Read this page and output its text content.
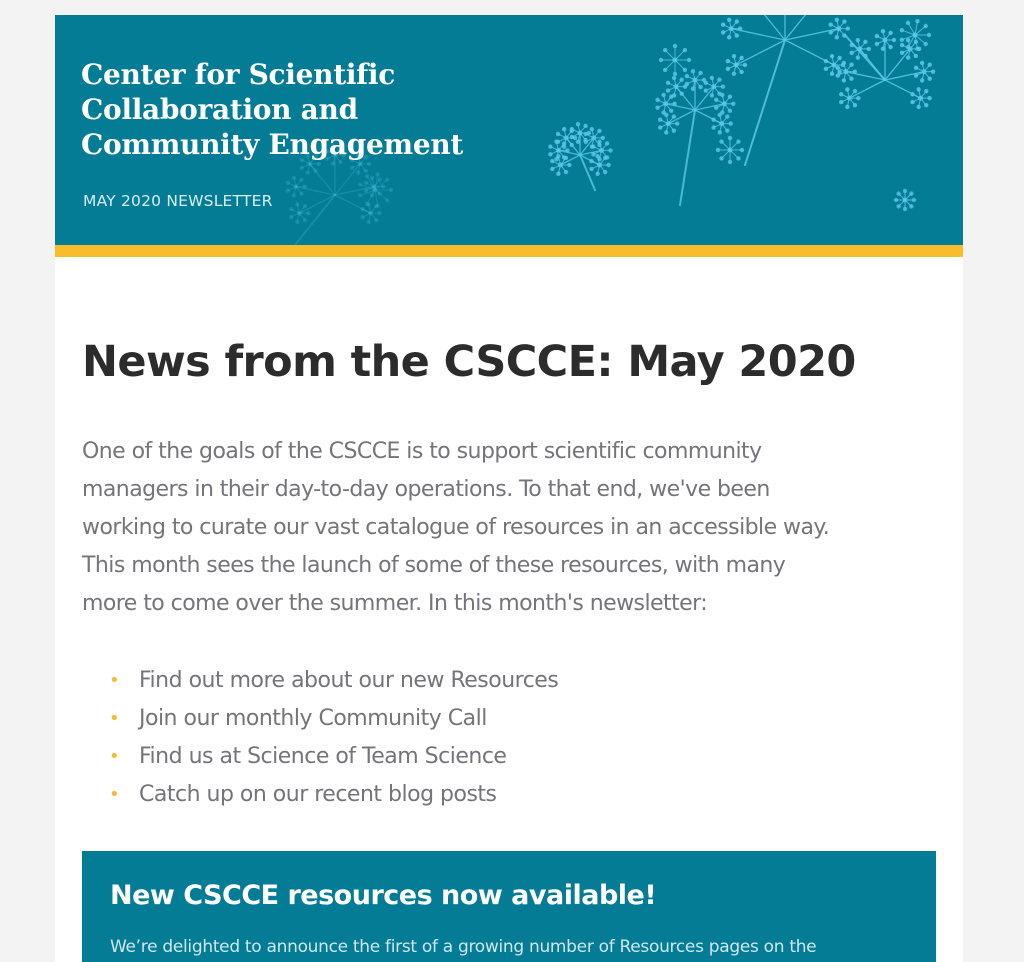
Center for Scientific
Collaboration and
Community Engagement
MAY 2020 NEWSLETTER
News from the CSCCE: May 2020

One of the goals of the CSCCE is to support scientific community
managers in their day-to-day operations. To that end, we've been
working to curate our vast catalogue of resources in an accessible way.
This month sees the launch of some of these resources, with many
more to come over the summer. In this month's newsletter:

• Find out more about our new Resources
• Join our monthly Community Call
• Find us at Science of Team Science
• Catch up on our recent blog posts
New CSCCE resources now available!

We’re delighted to announce the first of a growing number of Resources pages on the
